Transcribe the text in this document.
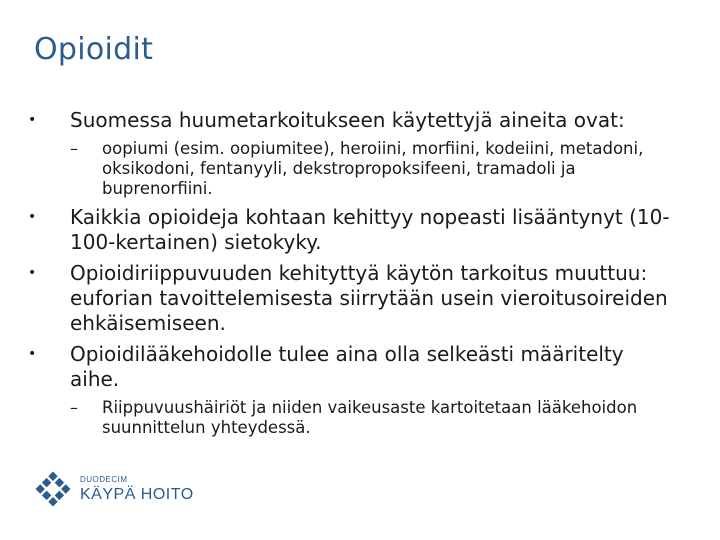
Opioidit
•	Suomessa huumetarkoitukseen käytettyjä aineita ovat:
– oopiumi (esim. oopiumitee), heroiini, morfiini, kodeiini, metadoni, oksikodoni, fentanyyli, dekstropropoksifeeni, tramadoli ja buprenorfiini.
•	Kaikkia opioideja kohtaan kehittyy nopeasti lisääntynyt (10-100-kertainen) sietokyky.
•	Opioidiriippuvuuden kehityttyä käytön tarkoitus muuttuu: euforian tavoittelemisesta siirrytään usein vieroitusoireiden ehkäisemiseen.
•	Opioidilääkehoidolle tulee aina olla selkeästi määritelty aihe.
– Riippuvuushäiriöt ja niiden vaikeusaste kartoitetaan lääkehoidon suunnittelun yhteydessä.
DUODECIM
KÄYPÄ HOITO
